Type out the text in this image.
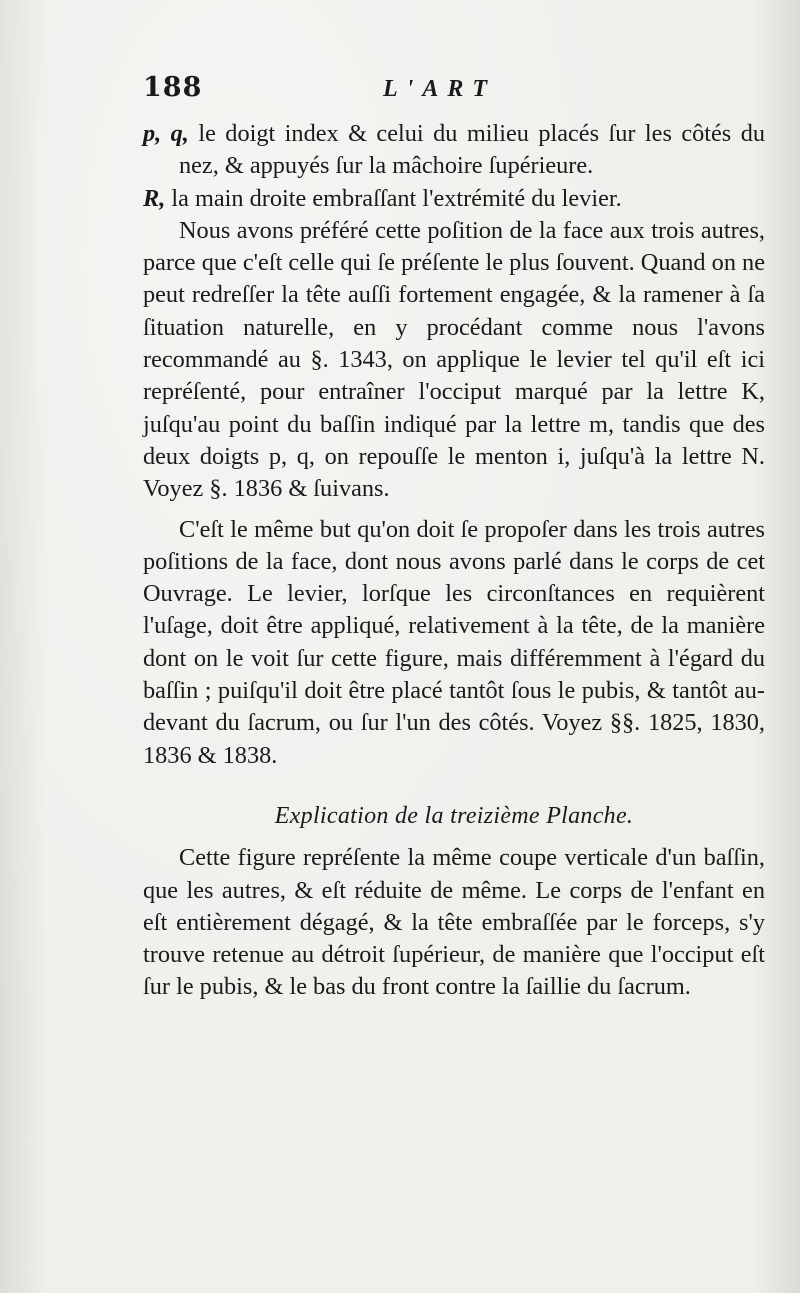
188	L'ART

p, q, le doigt index & celui du milieu placés ſur les côtés du nez, & appuyés ſur la mâchoire ſupérieure.

R, la main droite embraſſant l'extrémité du levier.

Nous avons préféré cette poſition de la face aux trois autres, parce que c'eſt celle qui ſe préſente le plus ſouvent. Quand on ne peut redreſſer la tête auſſi fortement engagée, & la ramener à ſa ſituation naturelle, en y procédant comme nous l'avons recommandé au §. 1343, on applique le levier tel qu'il eſt ici repréſenté, pour entraîner l'occiput marqué par la lettre K, juſqu'au point du baſſin indiqué par la lettre m, tandis que des deux doigts p, q, on repouſſe le menton i, juſqu'à la lettre N. Voyez §. 1836 & ſuivans.

C'eſt le même but qu'on doit ſe propoſer dans les trois autres poſitions de la face, dont nous avons parlé dans le corps de cet Ouvrage. Le levier, lorſque les circonſtances en requièrent l'uſage, doit être appliqué, relativement à la tête, de la manière dont on le voit ſur cette figure, mais différemment à l'égard du baſſin ; puiſqu'il doit être placé tantôt ſous le pubis, & tantôt au-devant du ſacrum, ou ſur l'un des côtés. Voyez §§. 1825, 1830, 1836 & 1838.

Explication de la treizième Planche.

Cette figure repréſente la même coupe verticale d'un baſſin, que les autres, & eſt réduite de même. Le corps de l'enfant en eſt entièrement dégagé, & la tête embraſſée par le forceps, s'y trouve retenue au détroit ſupérieur, de manière que l'occiput eſt ſur le pubis, & le bas du front contre la ſaillie du ſacrum.
